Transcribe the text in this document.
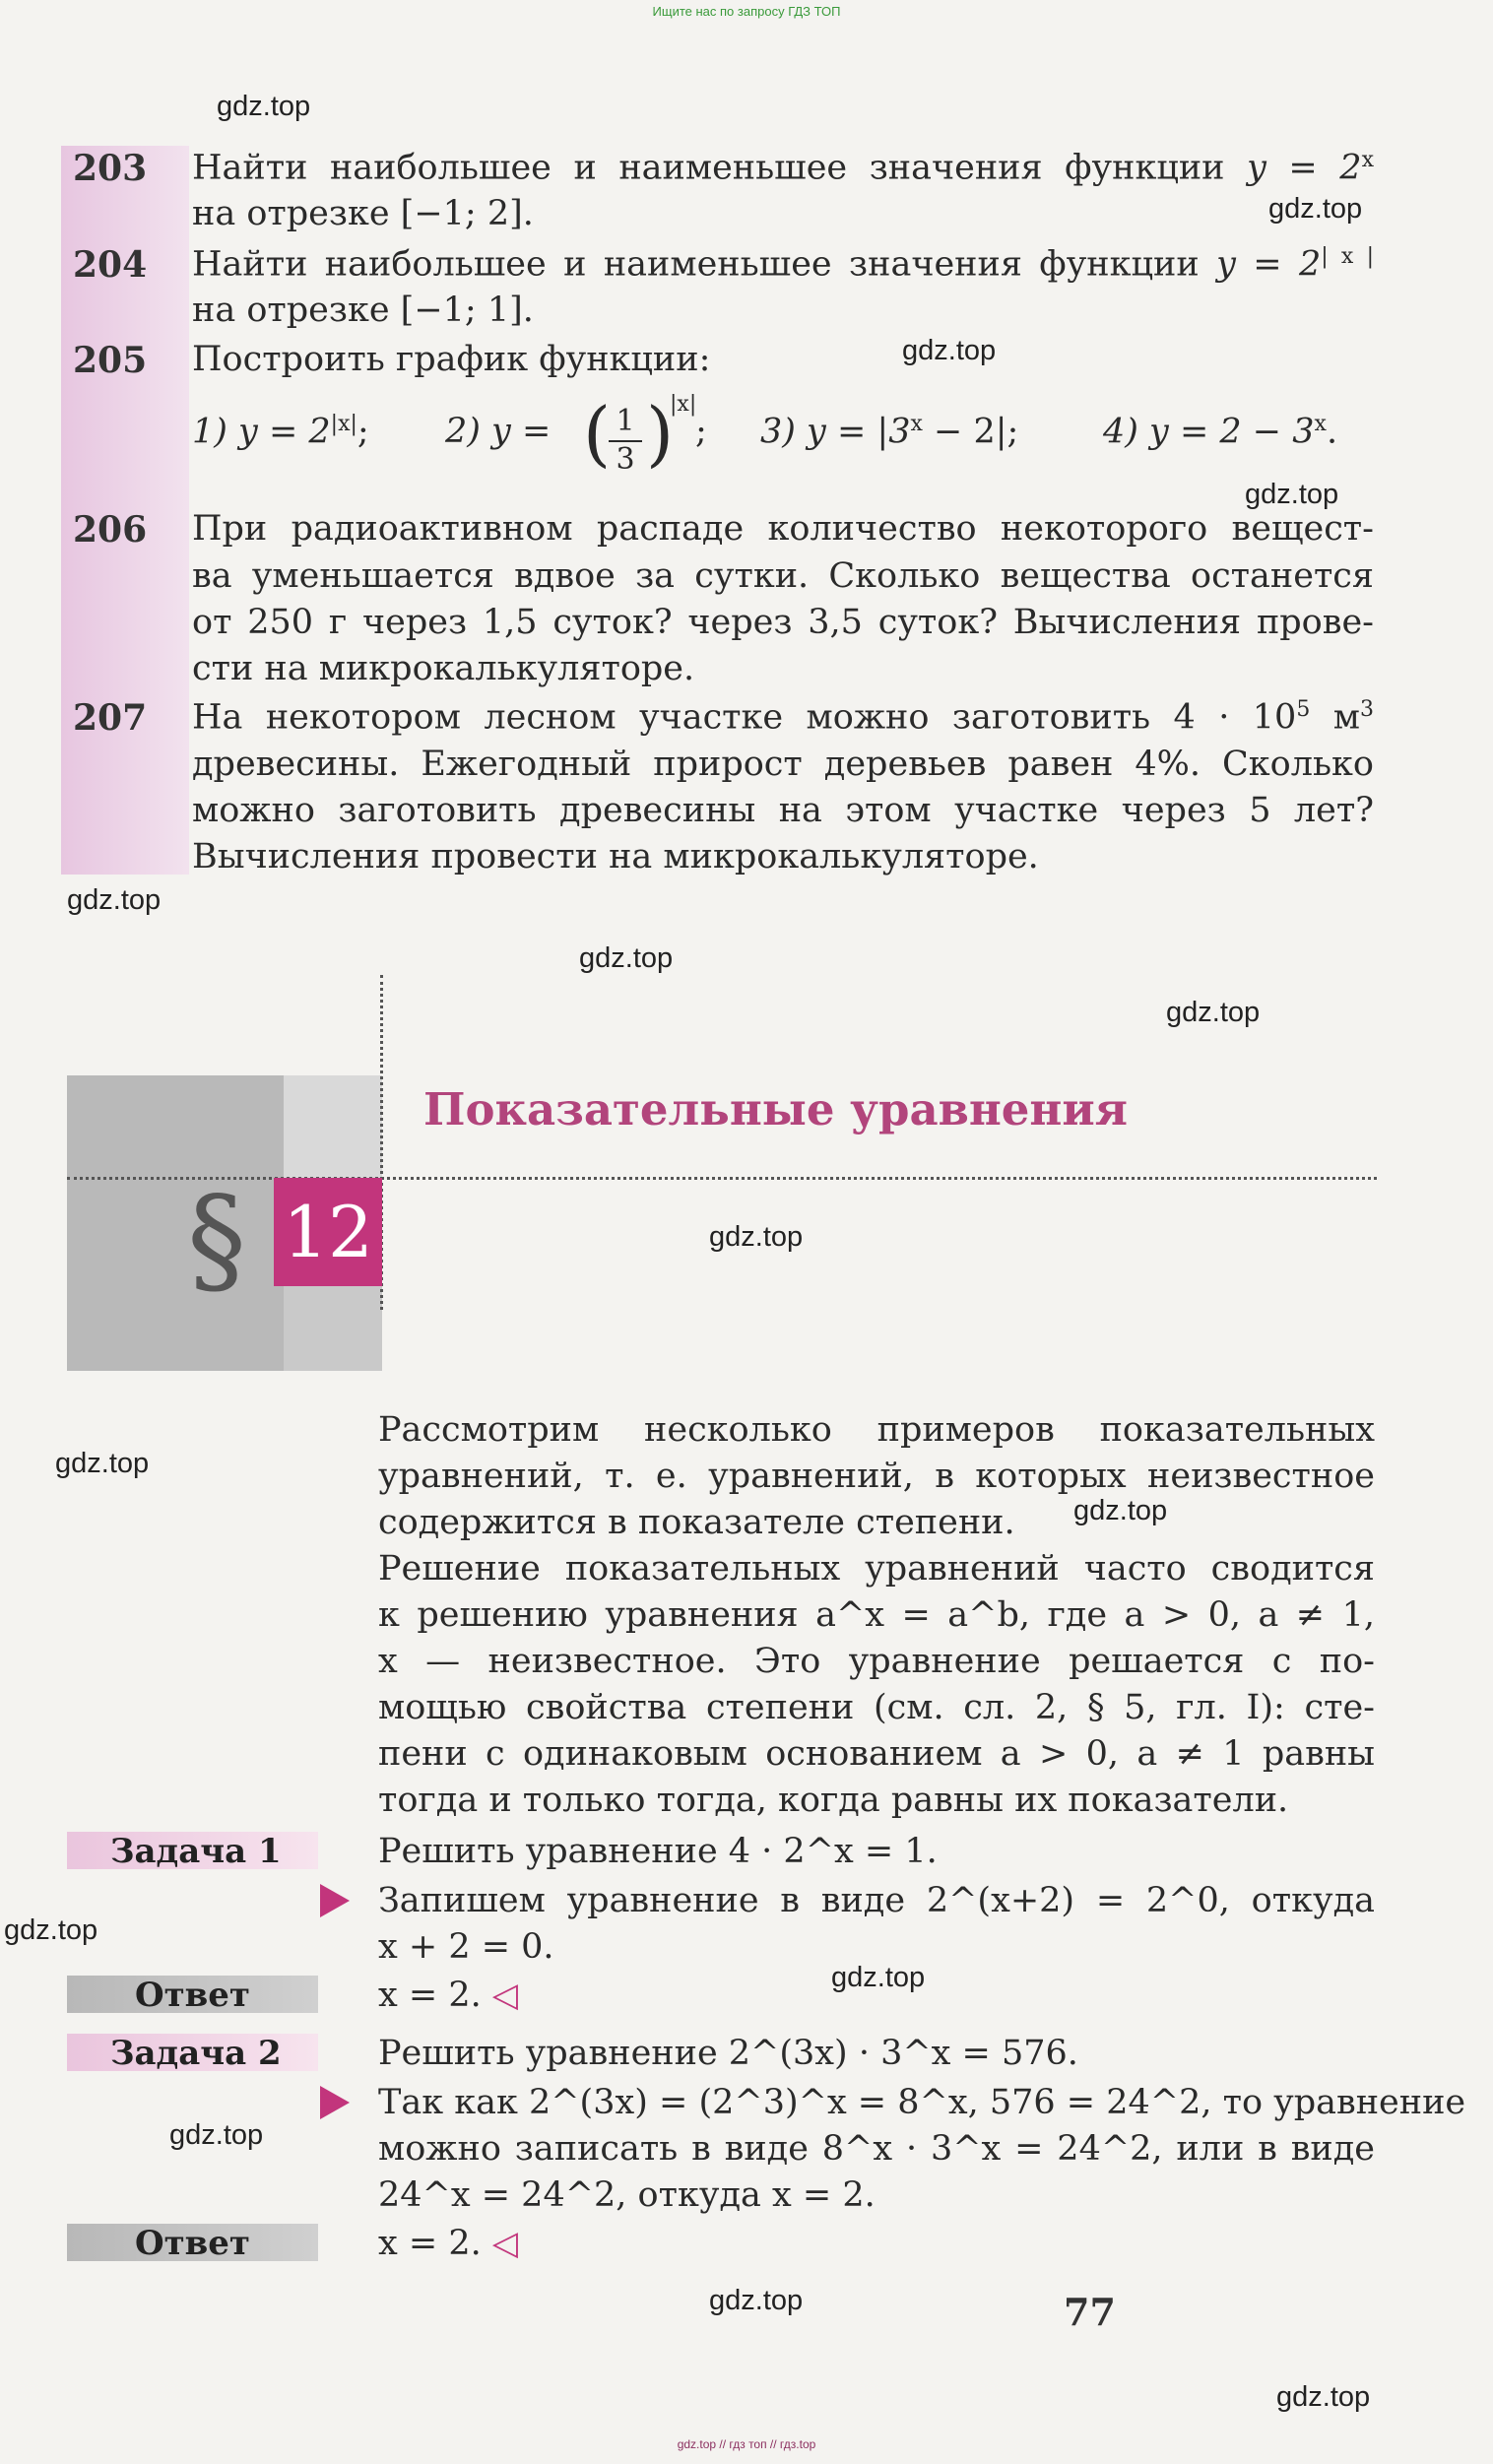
Ищите нас по запросу ГДЗ ТОП
gdz.top
gdz.top
gdz.top
gdz.top
gdz.top
gdz.top
gdz.top
gdz.top
gdz.top
gdz.top
gdz.top
gdz.top
gdz.top
gdz.top
gdz.top
203 Найти наибольшее и наименьшее значения функции $y = 2^x$
на отрезке [−1; 2].
204 Найти наибольшее и наименьшее значения функции $y = 2^{| x |}$
на отрезке [−1; 1].
205 Построить график функции:
1) $y = 2^{|x|}$; 2) y = ( 1
3 )
|x|
; 3) $y = |3^x - 2|$; 4) $y = 2 - 3^x$.
206 При радиоактивном распаде количество некоторого вещест-
ва уменьшается вдвое за сутки. Сколько вещества останется
от 250 г через 1,5 суток? через 3,5 суток? Вычисления прове-
сти на микрокалькуляторе.
207 На некотором лесном участке можно заготовить $4 \cdot 10^5$ $м^3$
древесины. Ежегодный прирост деревьев равен 4%. Сколько
можно заготовить древесины на этом участке через 5 лет?
Вычисления провести на микрокалькуляторе.
§ 12
Показательные уравнения
Рассмотрим несколько примеров показательных
уравнений, т. е. уравнений, в которых неизвестное
содержится в показателе степени.
Решение показательных уравнений часто сводится
к решению уравнения a^x = a^b, где a > 0, a ≠ 1,
x — неизвестное. Это уравнение решается с по-
мощью свойства степени (см. сл. 2, § 5, гл. I): сте-
пени с одинаковым основанием a > 0, a ≠ 1 равны
тогда и только тогда, когда равны их показатели.
Задача 1	Решить уравнение 4 · 2^x = 1.
Запишем уравнение в виде 2^(x+2) = 2^0, откуда
x + 2 = 0.
Ответ	x = 2. ◁
Задача 2	Решить уравнение 2^(3x) · 3^x = 576.
Так как 2^(3x) = (2^3)^x = 8^x, 576 = 24^2, то уравнение
можно записать в виде 8^x · 3^x = 24^2, или в виде
24^x = 24^2, откуда x = 2.
Ответ	x = 2. ◁
77
gdz.top // гдз топ // гдз.top
